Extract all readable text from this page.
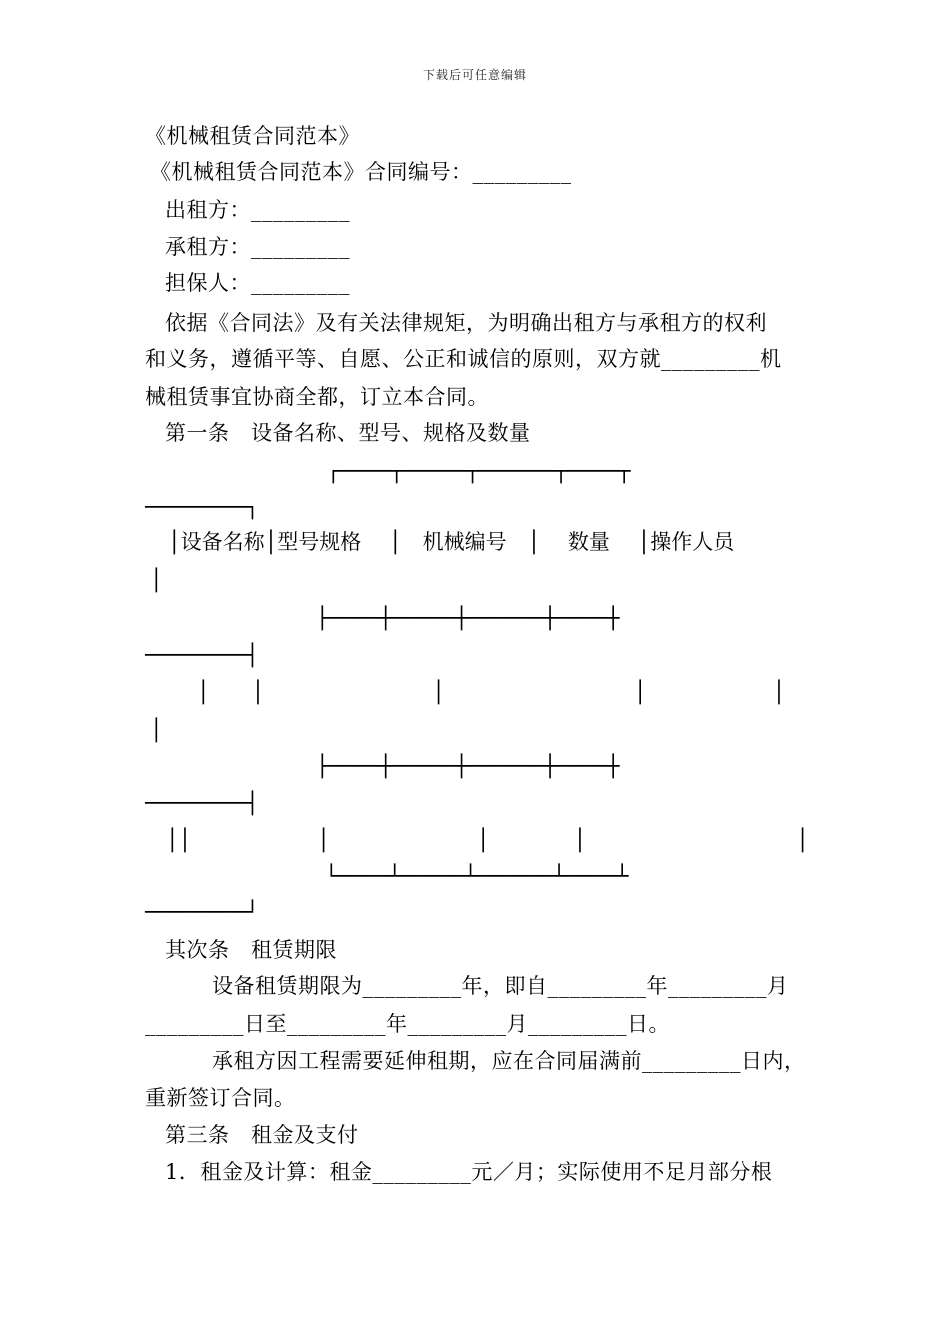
下载后可任意编辑
《机械租赁合同范本》
《机械租赁合同范本》合同编号：_________
出租方：_________
承租方：_________
担保人：_________
依据《合同法》及有关法律规矩，为明确出租方与承租方的权利
和义务，遵循平等、自愿、公正和诚信的原则，双方就_________机
械租赁事宜协商全都，订立本合同。
第一条　设备名称、型号、规格及数量
┌────┬─────┬──────┬────┬
────────┐
│设备名称│型号规格　 │　机械编号　│　 数量　 │操作人员
│
├────┼─────┼──────┼────┼
────────┤
　│　　│　　　　　　　　│　　　　　　　　　│　　　　　　│
│
├────┼─────┼──────┼────┼
────────┤
││　　　　　　│　　　　　　　│　　　　│　　　　　　　　　　│
└────┴─────┴──────┴────┴
────────┘
其次条　租赁期限
设备租赁期限为_________年，即自_________年_________月
_________日至_________年_________月_________日。
承租方因工程需要延伸租期，应在合同届满前_________日内，
重新签订合同。
第三条　租金及支付
1．租金及计算：租金_________元／月；实际使用不足月部分根
